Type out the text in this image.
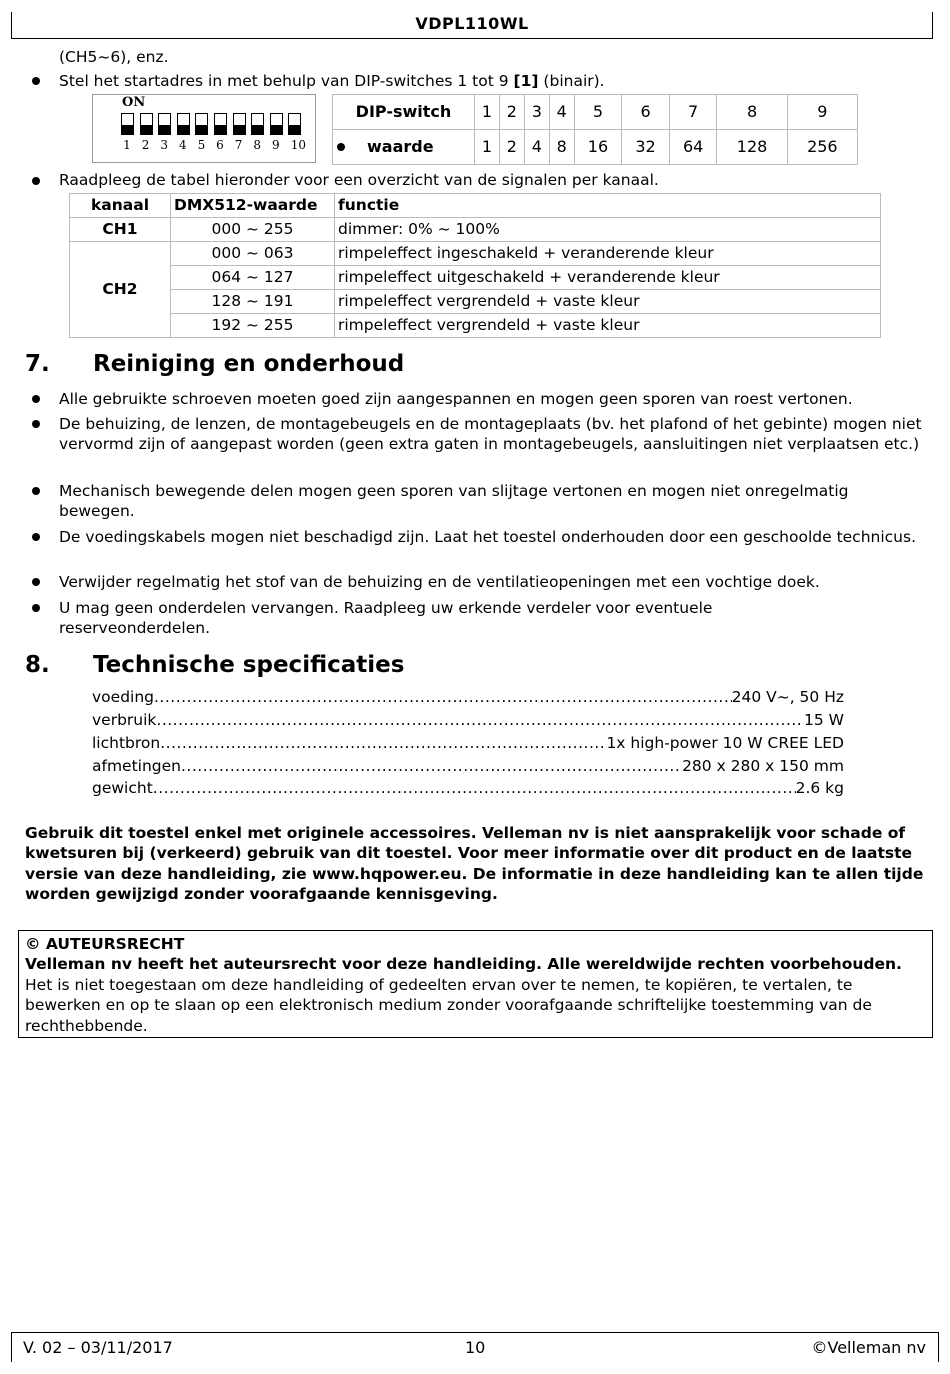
VDPL110WL
(CH5~6), enz.
Stel het startadres in met behulp van DIP-switches 1 tot 9 [1] (binair).
ON
1 2 3 4 5 6 7 8 9 10
DIP-switch	1	2	3	4	5	6	7	8	9
waarde	1	2	4	8	16	32	64	128	256
Raadpleeg de tabel hieronder voor een overzicht van de signalen per kanaal.
kanaal	DMX512-waarde	functie
CH1	000 ~ 255	dimmer: 0% ~ 100%
CH2	000 ~ 063	rimpeleffect ingeschakeld + veranderende kleur
	064 ~ 127	rimpeleffect uitgeschakeld + veranderende kleur
	128 ~ 191	rimpeleffect vergrendeld + vaste kleur
	192 ~ 255	rimpeleffect vergrendeld + vaste kleur
7. Reiniging en onderhoud
Alle gebruikte schroeven moeten goed zijn aangespannen en mogen geen sporen van roest vertonen.
De behuizing, de lenzen, de montagebeugels en de montageplaats (bv. het plafond of het gebinte) mogen niet vervormd zijn of aangepast worden (geen extra gaten in montagebeugels, aansluitingen niet verplaatsen etc.)
Mechanisch bewegende delen mogen geen sporen van slijtage vertonen en mogen niet onregelmatig bewegen.
De voedingskabels mogen niet beschadigd zijn. Laat het toestel onderhouden door een geschoolde technicus.
Verwijder regelmatig het stof van de behuizing en de ventilatieopeningen met een vochtige doek.
U mag geen onderdelen vervangen. Raadpleeg uw erkende verdeler voor eventuele reserveonderdelen.
8. Technische specificaties
voeding .....	240 V~, 50 Hz
verbruik .....	15 W
lichtbron .....	1x high-power 10 W CREE LED
afmetingen .....	280 x 280 x 150 mm
gewicht .....	2.6 kg
Gebruik dit toestel enkel met originele accessoires. Velleman nv is niet aansprakelijk voor schade of kwetsuren bij (verkeerd) gebruik van dit toestel. Voor meer informatie over dit product en de laatste versie van deze handleiding, zie www.hqpower.eu. De informatie in deze handleiding kan te allen tijde worden gewijzigd zonder voorafgaande kennisgeving.
© AUTEURSRECHT
Velleman nv heeft het auteursrecht voor deze handleiding. Alle wereldwijde rechten voorbehouden. Het is niet toegestaan om deze handleiding of gedeelten ervan over te nemen, te kopiëren, te vertalen, te bewerken en op te slaan op een elektronisch medium zonder voorafgaande schriftelijke toestemming van de rechthebbende.
V. 02 – 03/11/2017	10	©Velleman nv
